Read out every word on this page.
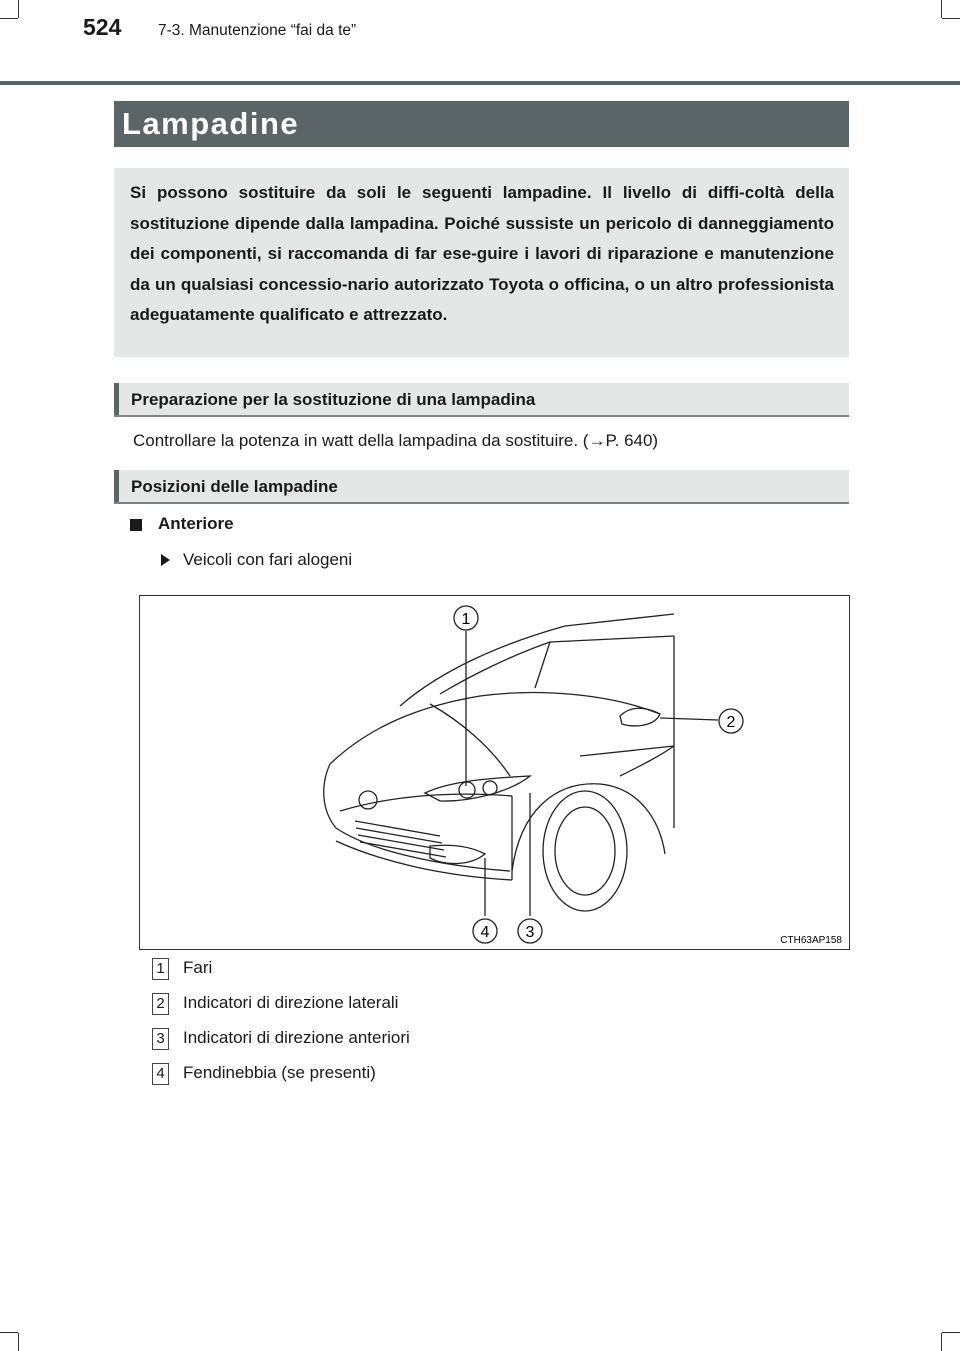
524 7-3. Manutenzione “fai da te”
Lampadine

Si possono sostituire da soli le seguenti lampadine. Il livello di diffi-coltà della sostituzione dipende dalla lampadina. Poiché sussiste un pericolo di danneggiamento dei componenti, si raccomanda di far ese-guire i lavori di riparazione e manutenzione da un qualsiasi concessio-nario autorizzato Toyota o officina, o un altro professionista adeguatamente qualificato e attrezzato.

Preparazione per la sostituzione di una lampadina
Controllare la potenza in watt della lampadina da sostituire. (→P. 640)
Posizioni delle lampadine
Anteriore
Veicoli con fari alogeni
1
2
3
4	CTH63AP158
1 Fari
2 Indicatori di direzione laterali
3 Indicatori di direzione anteriori
4 Fendinebbia (se presenti)
